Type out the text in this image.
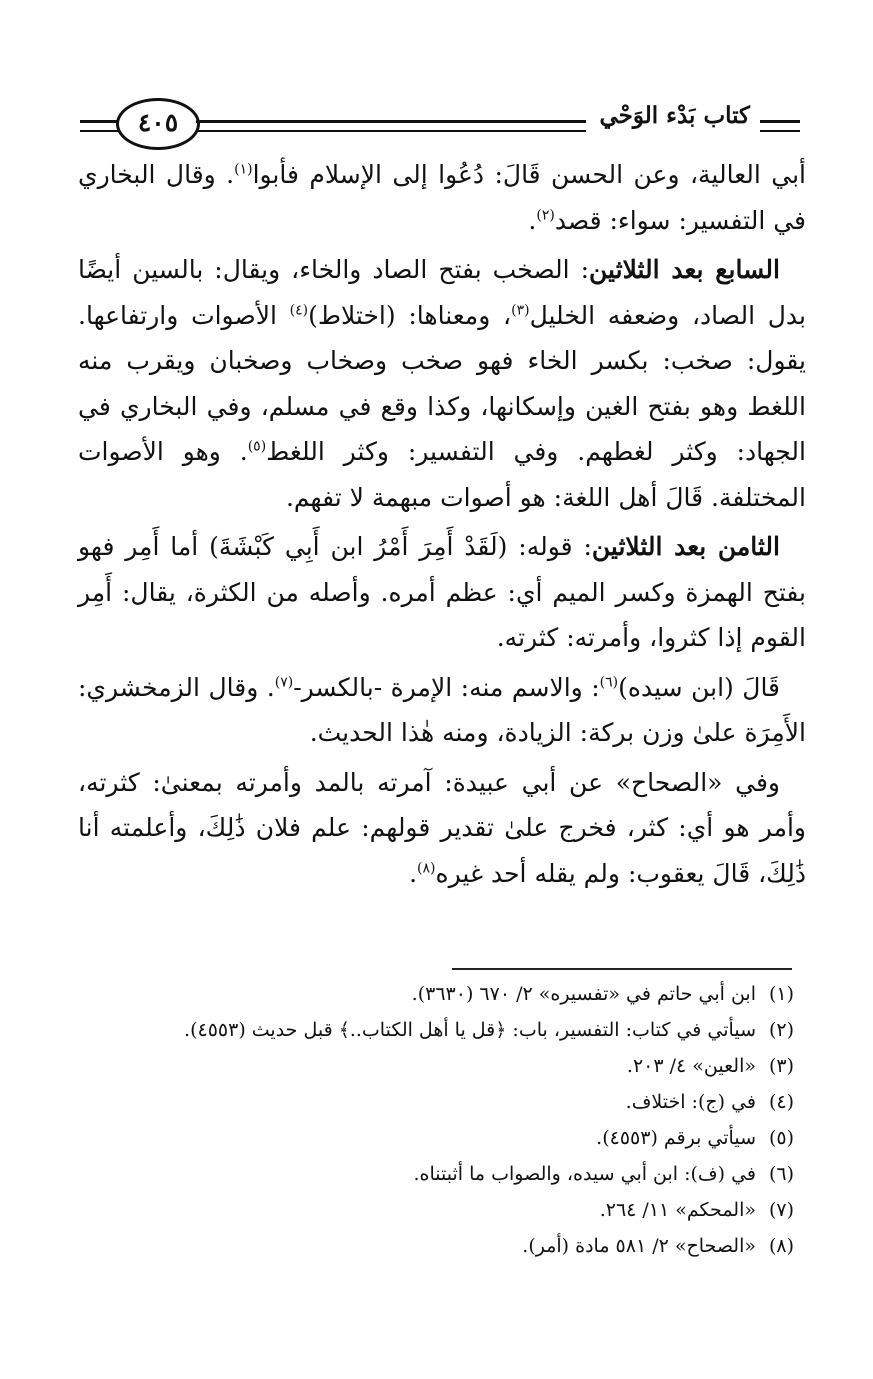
٤٠٥	كتاب بَدْء الوَحْي

أبي العالية، وعن الحسن قَالَ: دُعُوا إلى الإسلام فأبوا$^{(١)}$. وقال البخاري في التفسير: سواء: قصد$^{(٢)}$.

السابع بعد الثلاثين: الصخب بفتح الصاد والخاء، ويقال: بالسين أيضًا بدل الصاد، وضعفه الخليل$^{(٣)}$، ومعناها: (اختلاط)$^{(٤)}$ الأصوات وارتفاعها. يقول: صخب: بكسر الخاء فهو صخب وصخاب وصخبان ويقرب منه اللغط وهو بفتح الغين وإسكانها، وكذا وقع في مسلم، وفي البخاري في الجهاد: وكثر لغطهم. وفي التفسير: وكثر اللغط$^{(٥)}$. وهو الأصوات المختلفة. قَالَ أهل اللغة: هو أصوات مبهمة لا تفهم.

الثامن بعد الثلاثين: قوله: (لَقَدْ أَمِرَ أَمْرُ ابن أَبِي كَبْشَةَ) أما أَمِر فهو بفتح الهمزة وكسر الميم أي: عظم أمره. وأصله من الكثرة، يقال: أَمِر القوم إذا كثروا، وأمرته: كثرته.

قَالَ (ابن سيده)$^{(٦)}$: والاسم منه: الإمرة -بالكسر-$^{(٧)}$. وقال الزمخشري: الأَمِرَة علىٰ وزن بركة: الزيادة، ومنه هٰذا الحديث.

وفي «الصحاح» عن أبي عبيدة: آمرته بالمد وأمرته بمعنىٰ: كثرته، وأمر هو أي: كثر، فخرج علىٰ تقدير قولهم: علم فلان ذَٰلِكَ، وأعلمته أنا ذَٰلِكَ، قَالَ يعقوب: ولم يقله أحد غيره$^{(٨)}$.

(١)ابن أبي حاتم في «تفسيره» ٢/ ٦٧٠ (٣٦٣٠).
(٢)سيأتي في كتاب: التفسير، باب: ﴿قل يا أهل الكتاب..﴾ قبل حديث (٤٥٥٣).
(٣)«العين» ٤/ ٢٠٣.
(٤)في (ج): اختلاف.
(٥)سيأتي برقم (٤٥٥٣).
(٦)في (ف): ابن أبي سيده، والصواب ما أثبتناه.
(٧)«المحكم» ١١/ ٢٦٤.
(٨)«الصحاح» ٢/ ٥٨١ مادة (أمر).
